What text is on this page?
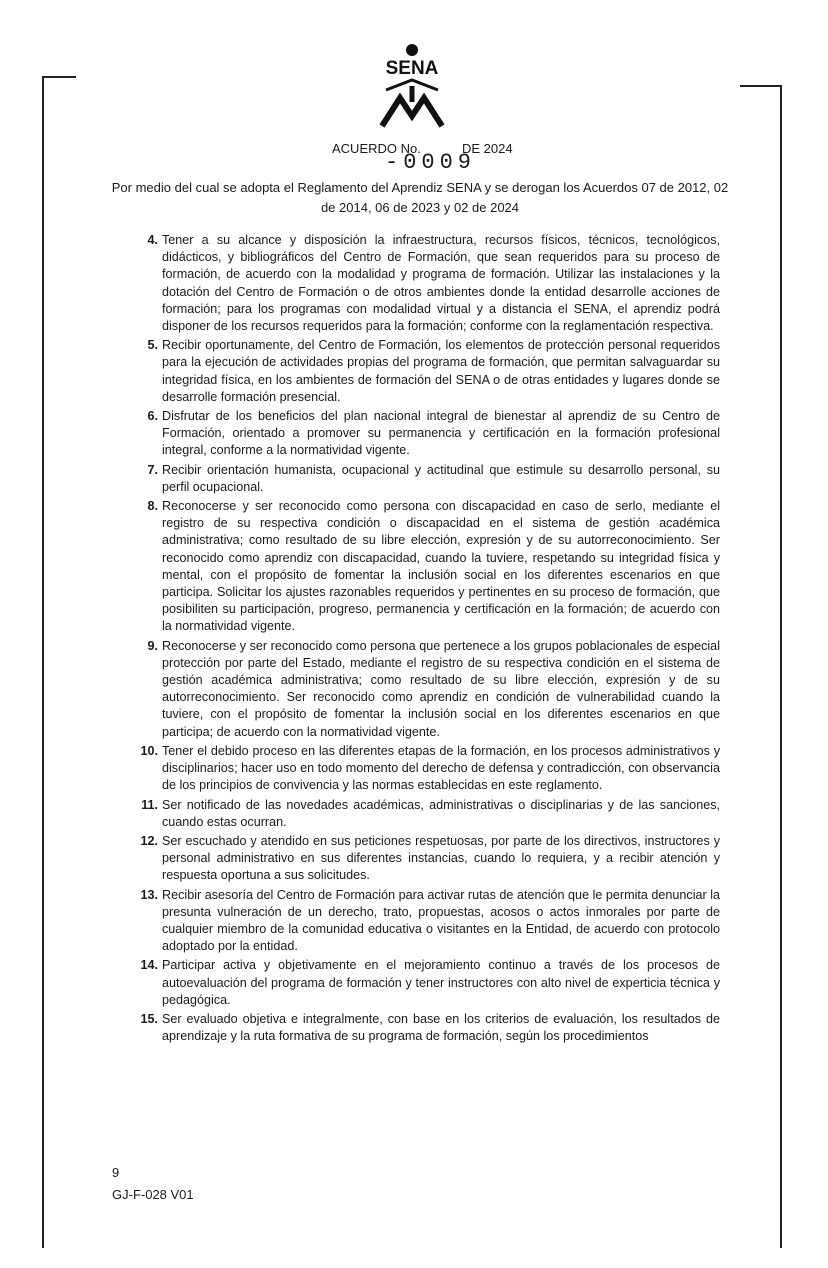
SENA
ACUERDO No.	DE 2024
-0009
Por medio del cual se adopta el Reglamento del Aprendiz SENA y se derogan los Acuerdos 07 de 2012, 02 de 2014, 06 de 2023 y 02 de 2024
4. Tener a su alcance y disposición la infraestructura, recursos físicos, técnicos, tecnológicos, didácticos, y bibliográficos del Centro de Formación, que sean requeridos para su proceso de formación, de acuerdo con la modalidad y programa de formación. Utilizar las instalaciones y la dotación del Centro de Formación o de otros ambientes donde la entidad desarrolle acciones de formación; para los programas con modalidad virtual y a distancia el SENA, el aprendiz podrá disponer de los recursos requeridos para la formación; conforme con la reglamentación respectiva.
5. Recibir oportunamente, del Centro de Formación, los elementos de protección personal requeridos para la ejecución de actividades propias del programa de formación, que permitan salvaguardar su integridad física, en los ambientes de formación del SENA o de otras entidades y lugares donde se desarrolle formación presencial.
6. Disfrutar de los beneficios del plan nacional integral de bienestar al aprendiz de su Centro de Formación, orientado a promover su permanencia y certificación en la formación profesional integral, conforme a la normatividad vigente.
7. Recibir orientación humanista, ocupacional y actitudinal que estimule su desarrollo personal, su perfil ocupacional.
8. Reconocerse y ser reconocido como persona con discapacidad en caso de serlo, mediante el registro de su respectiva condición o discapacidad en el sistema de gestión académica administrativa; como resultado de su libre elección, expresión y de su autorreconocimiento. Ser reconocido como aprendiz con discapacidad, cuando la tuviere, respetando su integridad física y mental, con el propósito de fomentar la inclusión social en los diferentes escenarios en que participa. Solicitar los ajustes razonables requeridos y pertinentes en su proceso de formación, que posibiliten su participación, progreso, permanencia y certificación en la formación; de acuerdo con la normatividad vigente.
9. Reconocerse y ser reconocido como persona que pertenece a los grupos poblacionales de especial protección por parte del Estado, mediante el registro de su respectiva condición en el sistema de gestión académica administrativa; como resultado de su libre elección, expresión y de su autorreconocimiento. Ser reconocido como aprendiz en condición de vulnerabilidad cuando la tuviere, con el propósito de fomentar la inclusión social en los diferentes escenarios en que participa; de acuerdo con la normatividad vigente.
10. Tener el debido proceso en las diferentes etapas de la formación, en los procesos administrativos y disciplinarios; hacer uso en todo momento del derecho de defensa y contradicción, con observancia de los principios de convivencia y las normas establecidas en este reglamento.
11. Ser notificado de las novedades académicas, administrativas o disciplinarias y de las sanciones, cuando estas ocurran.
12. Ser escuchado y atendido en sus peticiones respetuosas, por parte de los directivos, instructores y personal administrativo en sus diferentes instancias, cuando lo requiera, y a recibir atención y respuesta oportuna a sus solicitudes.
13. Recibir asesoría del Centro de Formación para activar rutas de atención que le permita denunciar la presunta vulneración de un derecho, trato, propuestas, acosos o actos inmorales por parte de cualquier miembro de la comunidad educativa o visitantes en la Entidad, de acuerdo con protocolo adoptado por la entidad.
14. Participar activa y objetivamente en el mejoramiento continuo a través de los procesos de autoevaluación del programa de formación y tener instructores con alto nivel de experticia técnica y pedagógica.
15. Ser evaluado objetiva e integralmente, con base en los criterios de evaluación, los resultados de aprendizaje y la ruta formativa de su programa de formación, según los procedimientos
9
GJ-F-028 V01
